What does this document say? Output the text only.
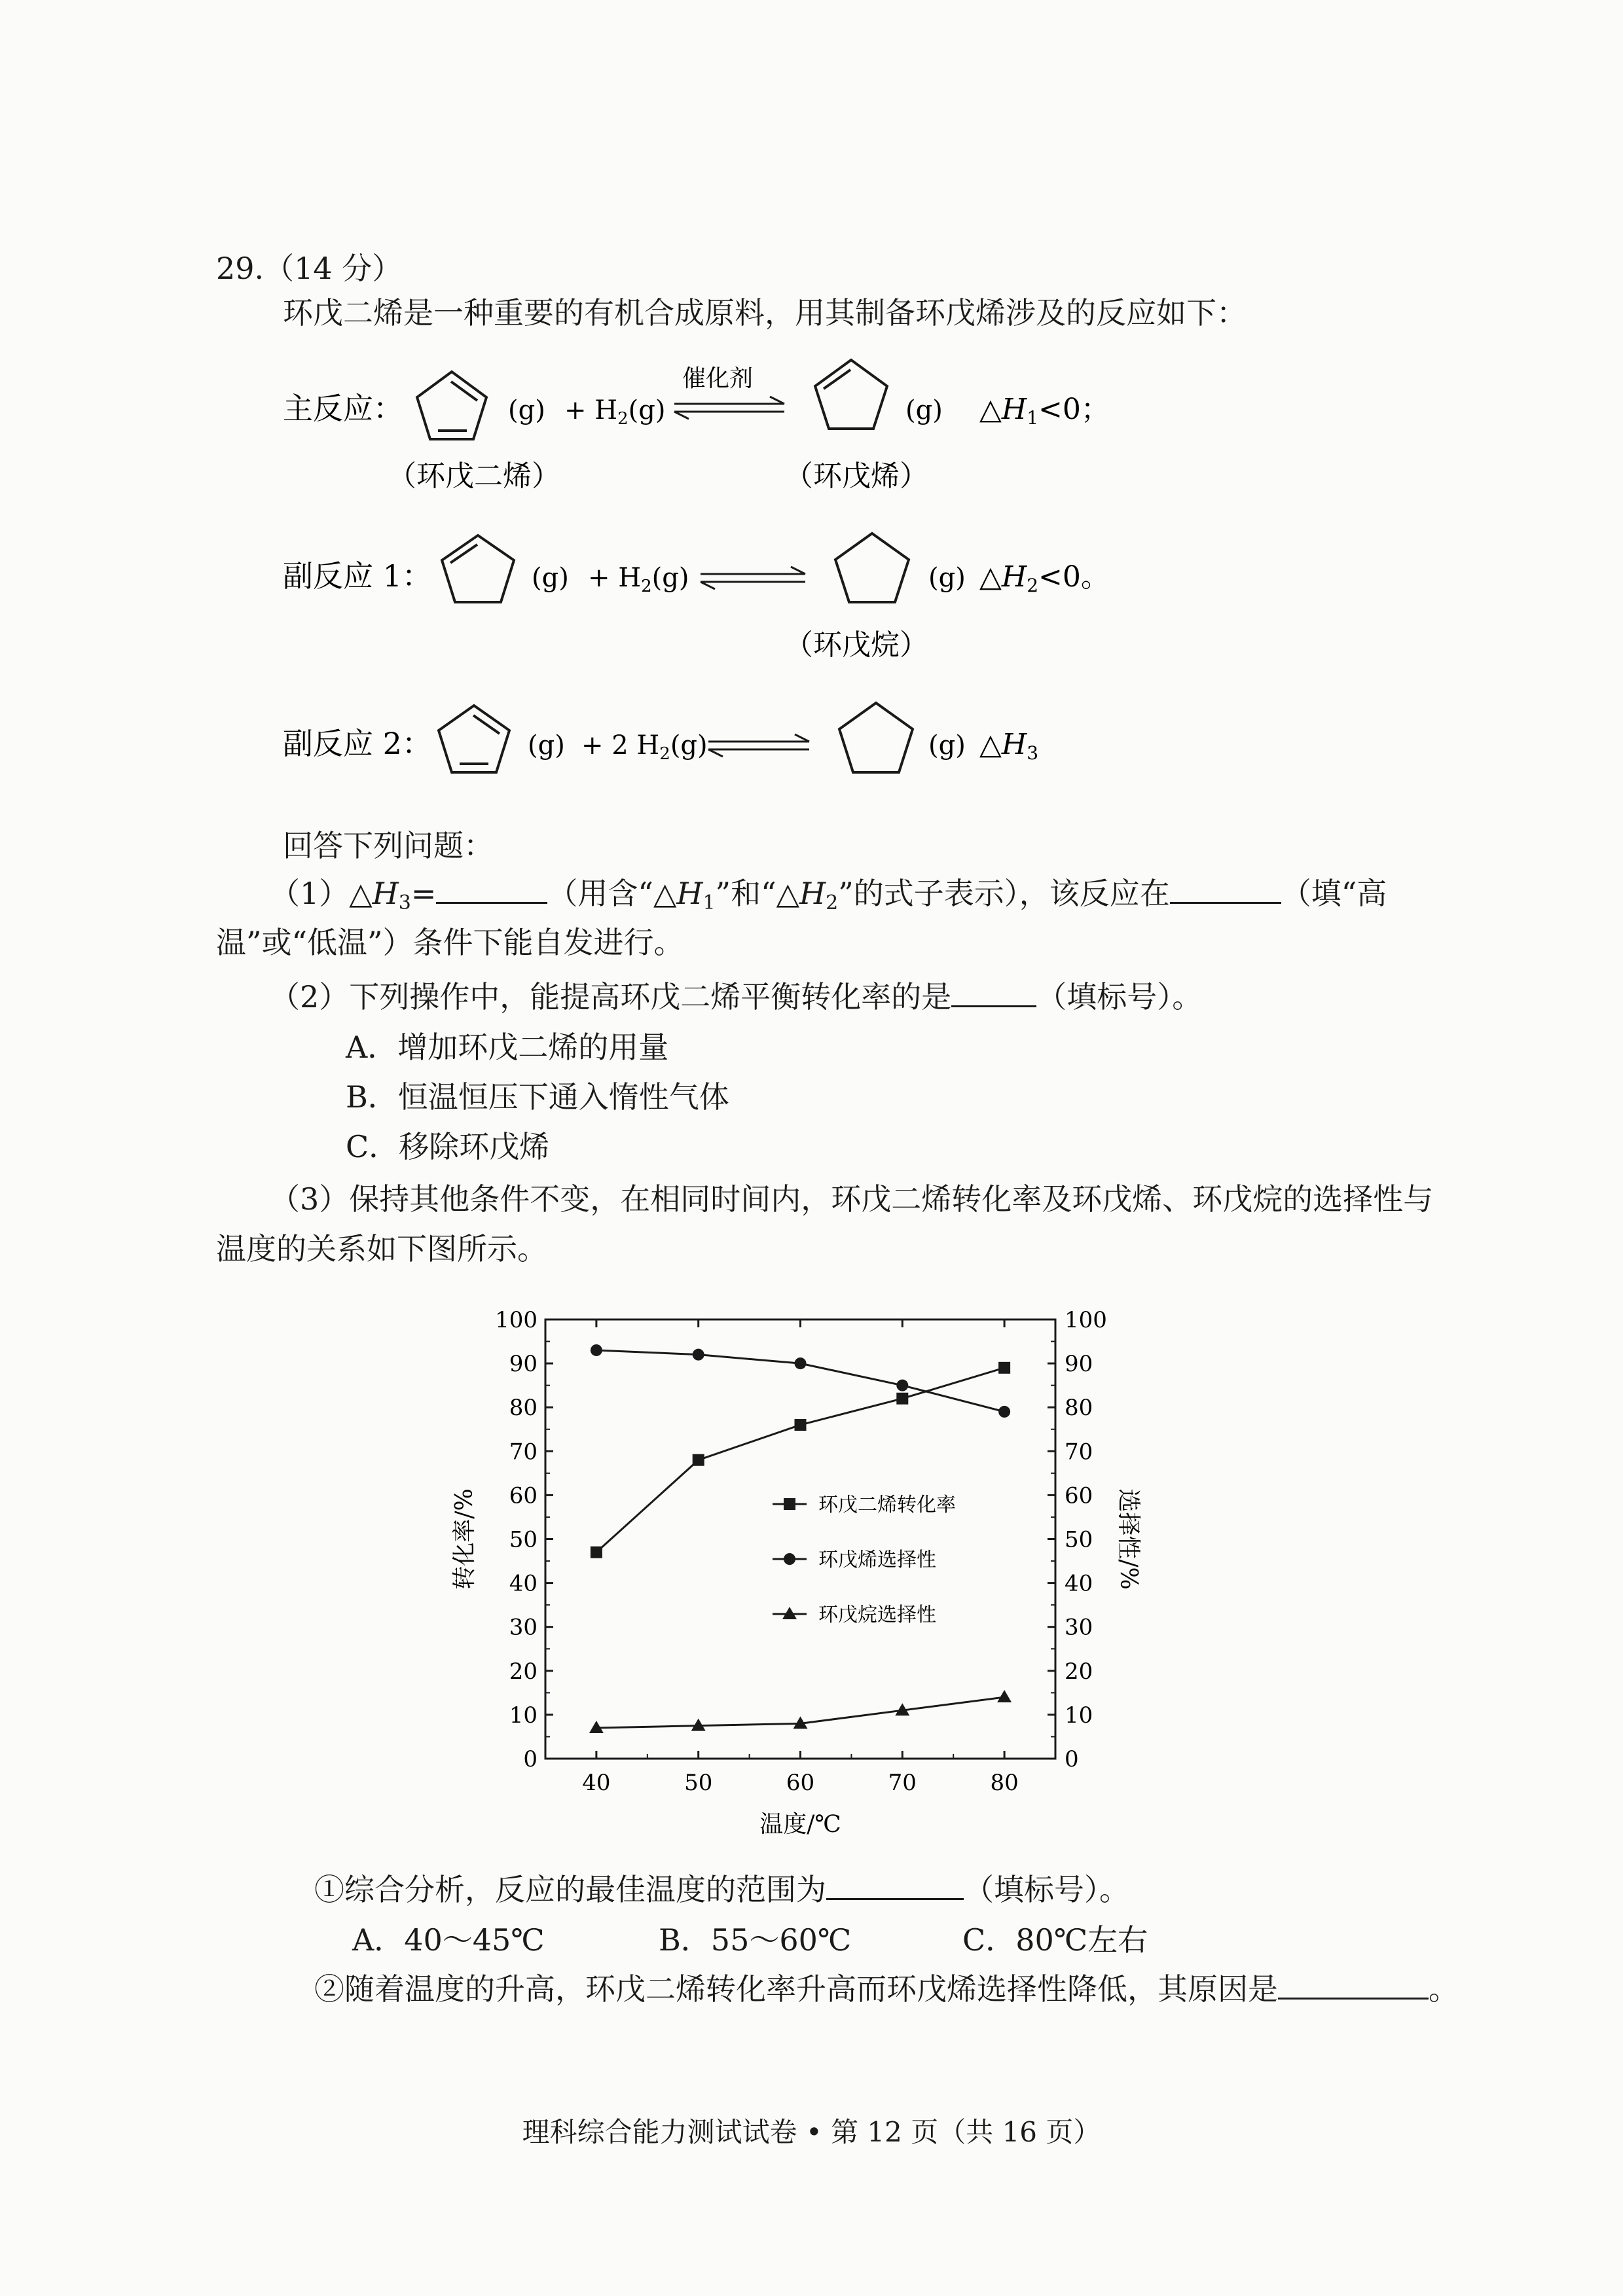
29.（14 分）
环戊二烯是一种重要的有机合成原料，用其制备环戊烯涉及的反应如下：
主反应：	$(g) + H_2(g)$
催化剂
(g) △H1<0；
（环戊二烯）	（环戊烯）
副反应 1：	$(g) + H_2(g)$	(g) △H2<0。
（环戊烷）
副反应 2：	(g) + 2 $H_2(g)$	(g) △H3
回答下列问题：
$(1)\triangle H_3=$	（用含“$\triangle H_1$”和“$\triangle H_2$”的式子表示），该反应在	（填“高
温”或“低温”）条件下能自发进行。
（2）下列操作中，能提高环戊二烯平衡转化率的是	（填标号）。
A．增加环戊二烯的用量
B．恒温恒压下通入惰性气体
C．移除环戊烯
（3）保持其他条件不变，在相同时间内，环戊二烯转化率及环戊烯、环戊烷的选择性与
温度的关系如下图所示。
0	0
10	10
20	20
30	30
40	40
50	50
60	60
70	70
80	80
90	90
100	100
40	50	60	70	80
环戊二烯转化率
环戊烯选择性
环戊烷选择性
温度/℃
转化率/%	选择性/%
①综合分析，反应的最佳温度的范围为	（填标号）。
A．40～45℃	B．55～60℃	C．80℃左右
②随着温度的升高，环戊二烯转化率升高而环戊烯选择性降低，其原因是	。
理科综合能力测试试卷 • 第 12 页（共 16 页）
